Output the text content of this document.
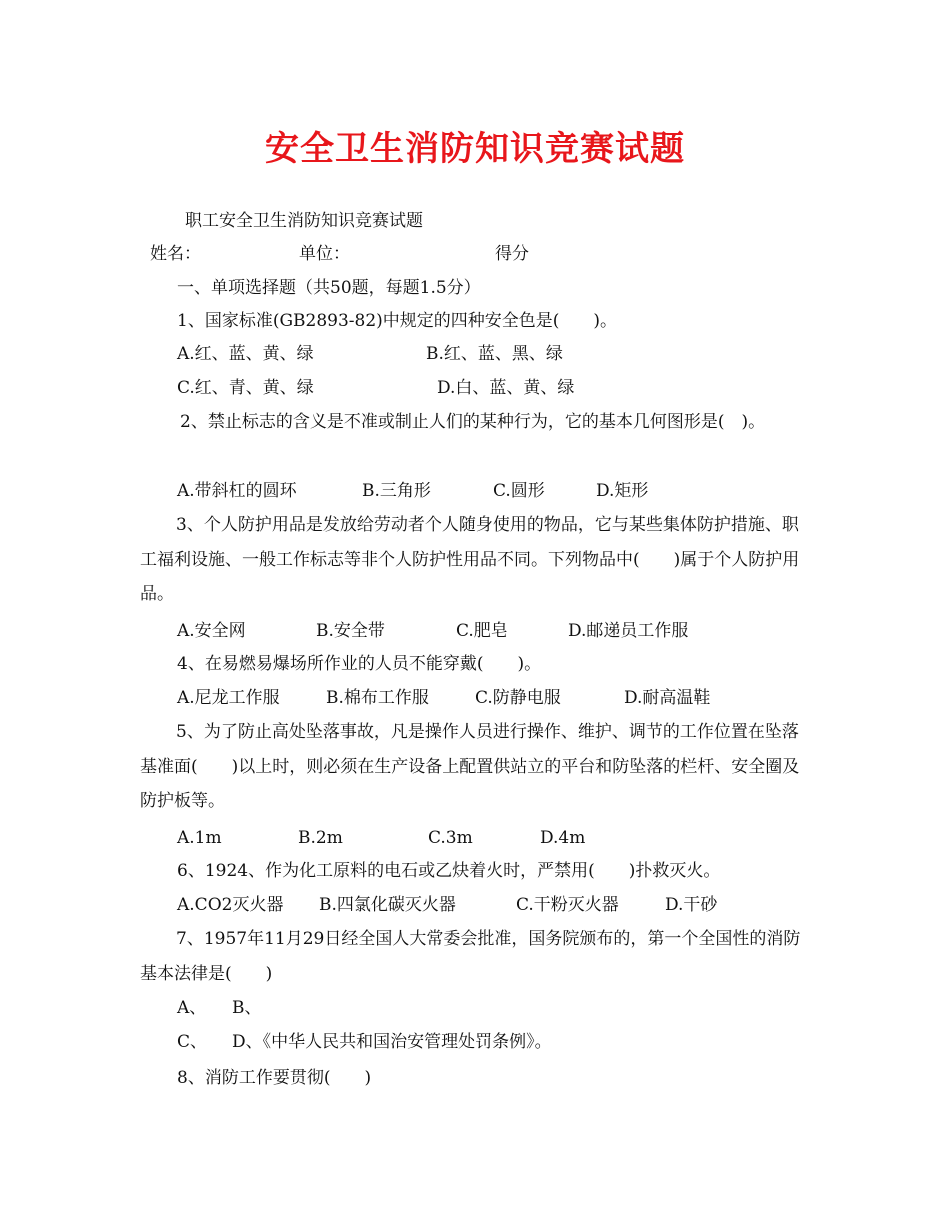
安全卫生消防知识竞赛试题
职工安全卫生消防知识竞赛试题
姓名：	单位：	得分
一、单项选择题（共50题，每题1.5分）
1、国家标准(GB2893-82)中规定的四种安全色是(　　)。
A.红、蓝、黄、绿	B.红、蓝、黑、绿
C.红、青、黄、绿	D.白、蓝、黄、绿
2、禁止标志的含义是不准或制止人们的某种行为，它的基本几何图形是(　)。
A.带斜杠的圆环	B.三角形	C.圆形	D.矩形
3、个人防护用品是发放给劳动者个人随身使用的物品，它与某些集体防护措施、职工福利设施、一般工作标志等非个人防护性用品不同。下列物品中(　　)属于个人防护用品。
A.安全网	B.安全带	C.肥皂	D.邮递员工作服
4、在易燃易爆场所作业的人员不能穿戴(　　)。
A.尼龙工作服	B.棉布工作服	C.防静电服	D.耐高温鞋
5、为了防止高处坠落事故，凡是操作人员进行操作、维护、调节的工作位置在坠落基准面(　　)以上时，则必须在生产设备上配置供站立的平台和防坠落的栏杆、安全圈及防护板等。
A.1m	B.2m	C.3m	D.4m
6、1924、作为化工原料的电石或乙炔着火时，严禁用(　　)扑救灭火。
A.CO2灭火器 B.四氯化碳灭火器	C.干粉灭火器	D.干砂
7、1957年11月29日经全国人大常委会批准，国务院颁布的，第一个全国性的消防基本法律是(　　)
A、 B、
C、 D、《中华人民共和国治安管理处罚条例》。
8、消防工作要贯彻(　　)
